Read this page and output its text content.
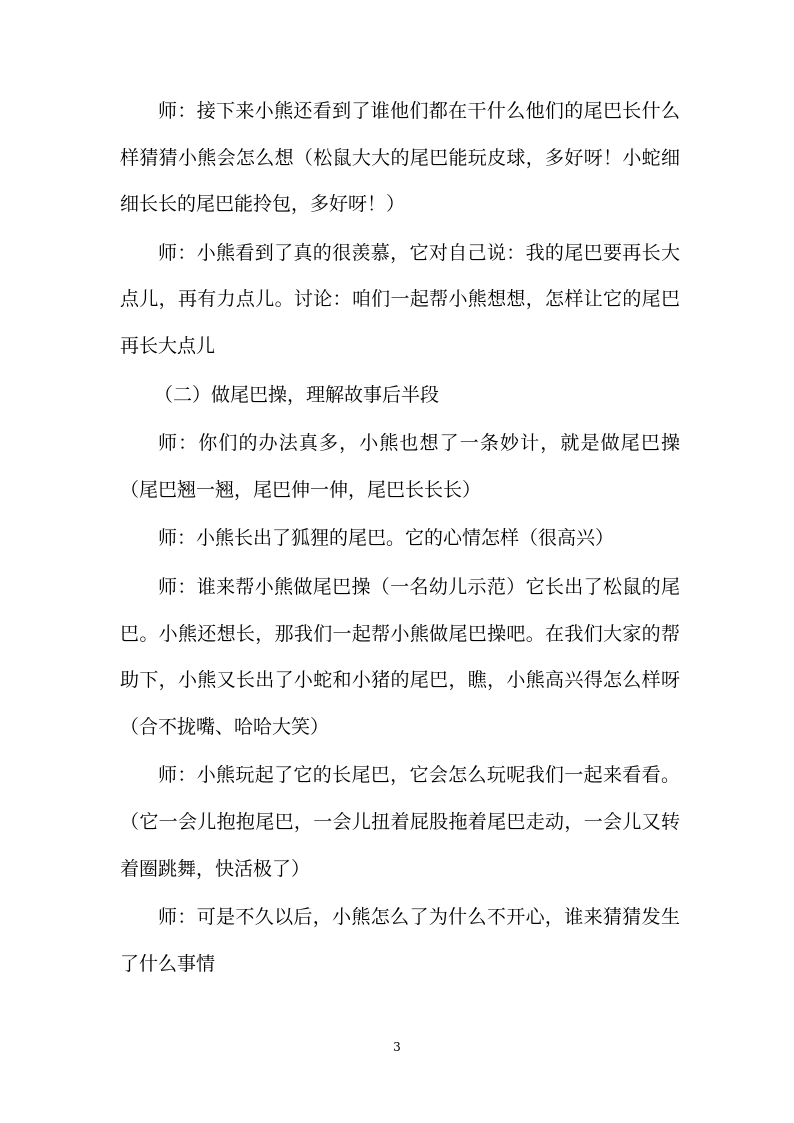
师：接下来小熊还看到了谁他们都在干什么他们的尾巴长什么样猜猜小熊会怎么想（松鼠大大的尾巴能玩皮球，多好呀！小蛇细细长长的尾巴能拎包，多好呀！）

师：小熊看到了真的很羡慕，它对自己说：我的尾巴要再长大点儿，再有力点儿。讨论：咱们一起帮小熊想想，怎样让它的尾巴再长大点儿

（二）做尾巴操，理解故事后半段

师：你们的办法真多，小熊也想了一条妙计，就是做尾巴操（尾巴翘一翘，尾巴伸一伸，尾巴长长长）

师：小熊长出了狐狸的尾巴。它的心情怎样（很高兴）

师：谁来帮小熊做尾巴操（一名幼儿示范）它长出了松鼠的尾巴。小熊还想长，那我们一起帮小熊做尾巴操吧。在我们大家的帮助下，小熊又长出了小蛇和小猪的尾巴，瞧，小熊高兴得怎么样呀（合不拢嘴、哈哈大笑）

师：小熊玩起了它的长尾巴，它会怎么玩呢我们一起来看看。（它一会儿抱抱尾巴，一会儿扭着屁股拖着尾巴走动，一会儿又转着圈跳舞，快活极了）

师：可是不久以后，小熊怎么了为什么不开心，谁来猜猜发生了什么事情

3
